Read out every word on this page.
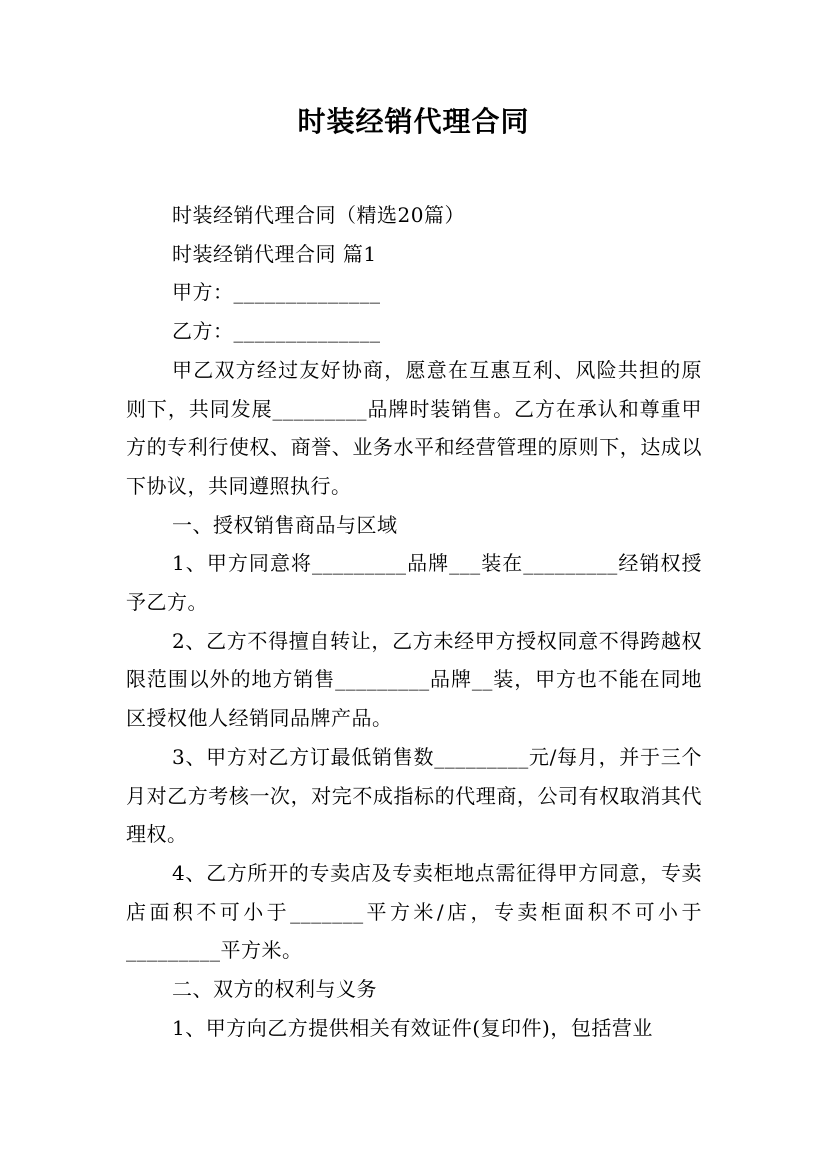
时装经销代理合同

时装经销代理合同（精选20篇）

时装经销代理合同 篇1

甲方：______________

乙方：______________

甲乙双方经过友好协商，愿意在互惠互利、风险共担的原则下，共同发展_________品牌时装销售。乙方在承认和尊重甲方的专利行使权、商誉、业务水平和经营管理的原则下，达成以下协议，共同遵照执行。

一、授权销售商品与区域

1、甲方同意将_________品牌___装在_________经销权授予乙方。

2、乙方不得擅自转让，乙方未经甲方授权同意不得跨越权限范围以外的地方销售_________品牌__装，甲方也不能在同地区授权他人经销同品牌产品。

3、甲方对乙方订最低销售数_________元/每月，并于三个月对乙方考核一次，对完不成指标的代理商，公司有权取消其代理权。

4、乙方所开的专卖店及专卖柜地点需征得甲方同意，专卖店面积不可小于_______平方米/店，专卖柜面积不可小于_________平方米。

二、双方的权利与义务

1、甲方向乙方提供相关有效证件(复印件)，包括营业
